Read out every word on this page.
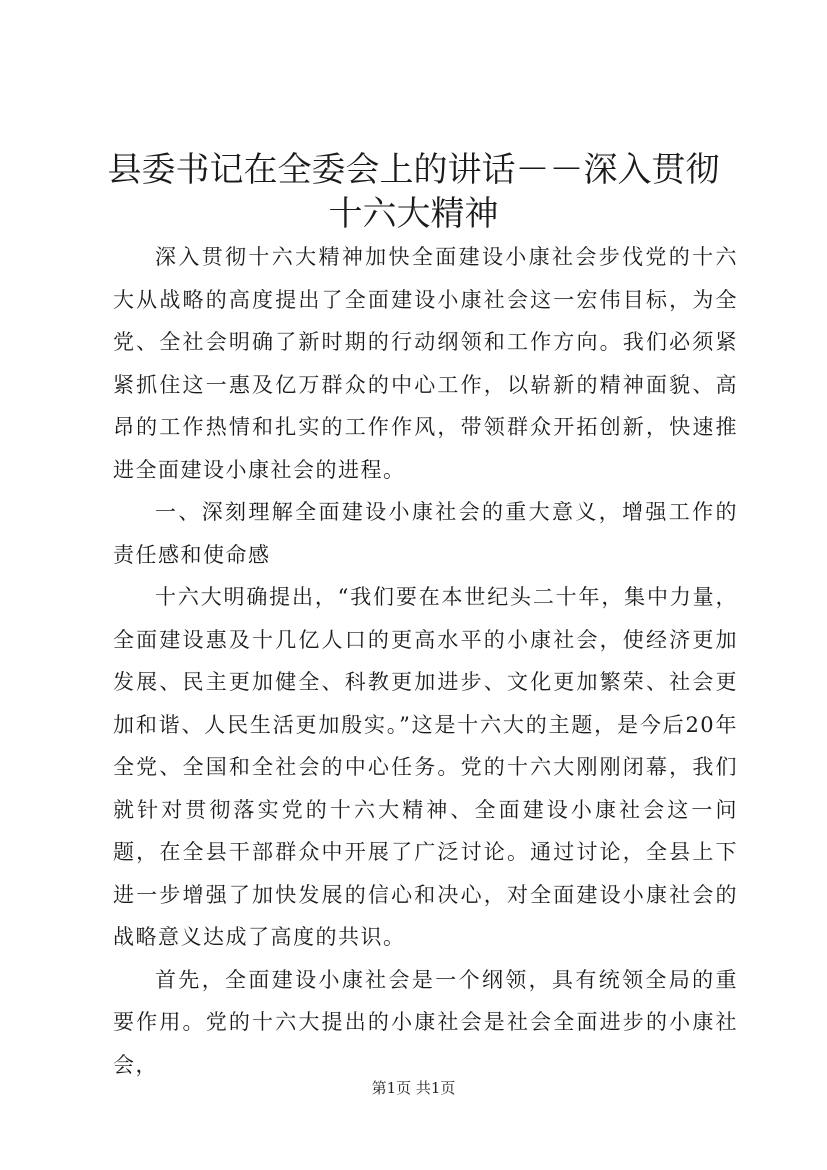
县委书记在全委会上的讲话－－深入贯彻十六大精神

深入贯彻十六大精神加快全面建设小康社会步伐党的十六大从战略的高度提出了全面建设小康社会这一宏伟目标，为全党、全社会明确了新时期的行动纲领和工作方向。我们必须紧紧抓住这一惠及亿万群众的中心工作，以崭新的精神面貌、高昂的工作热情和扎实的工作作风，带领群众开拓创新，快速推进全面建设小康社会的进程。

一、深刻理解全面建设小康社会的重大意义，增强工作的责任感和使命感

十六大明确提出，“我们要在本世纪头二十年，集中力量，全面建设惠及十几亿人口的更高水平的小康社会，使经济更加发展、民主更加健全、科教更加进步、文化更加繁荣、社会更加和谐、人民生活更加殷实。”这是十六大的主题，是今后20年全党、全国和全社会的中心任务。党的十六大刚刚闭幕，我们就针对贯彻落实党的十六大精神、全面建设小康社会这一问题，在全县干部群众中开展了广泛讨论。通过讨论，全县上下进一步增强了加快发展的信心和决心，对全面建设小康社会的战略意义达成了高度的共识。

首先，全面建设小康社会是一个纲领，具有统领全局的重要作用。党的十六大提出的小康社会是社会全面进步的小康社会，

第1页 共1页
